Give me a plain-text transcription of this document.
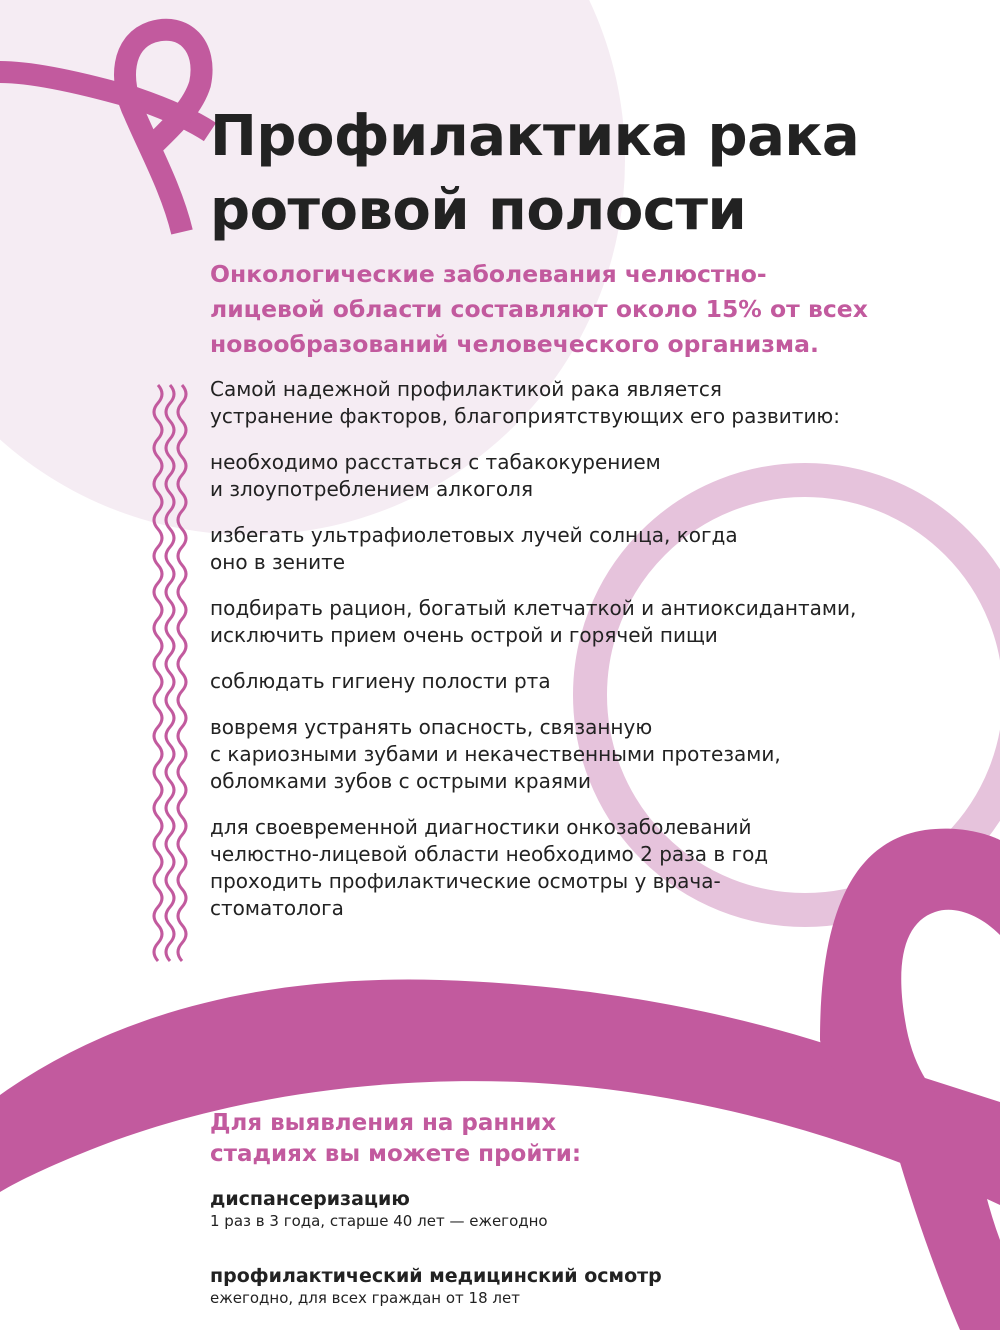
Профилактика рака
ротовой полости
Онкологические заболевания челюстно-
лицевой области составляют около 15% от всех
новообразований человеческого организма.

Самой надежной профилактикой рака является
устранение факторов, благоприятствующих его развитию:

необходимо расстаться с табакокурением
и злоупотреблением алкоголя

избегать ультрафиолетовых лучей солнца, когда
оно в зените

подбирать рацион, богатый клетчаткой и антиоксидантами,
исключить прием очень острой и горячей пищи

соблюдать гигиену полости рта

вовремя устранять опасность, связанную
с кариозными зубами и некачественными протезами,
обломками зубов с острыми краями

для своевременной диагностики онкозаболеваний
челюстно-лицевой области необходимо 2 раза в год
проходить профилактические осмотры у врача-
стоматолога

Для выявления на ранних
стадиях вы можете пройти:
диспансеризацию
1 раз в 3 года, старше 40 лет — ежегодно
профилактический медицинский осмотр
ежегодно, для всех граждан от 18 лет
